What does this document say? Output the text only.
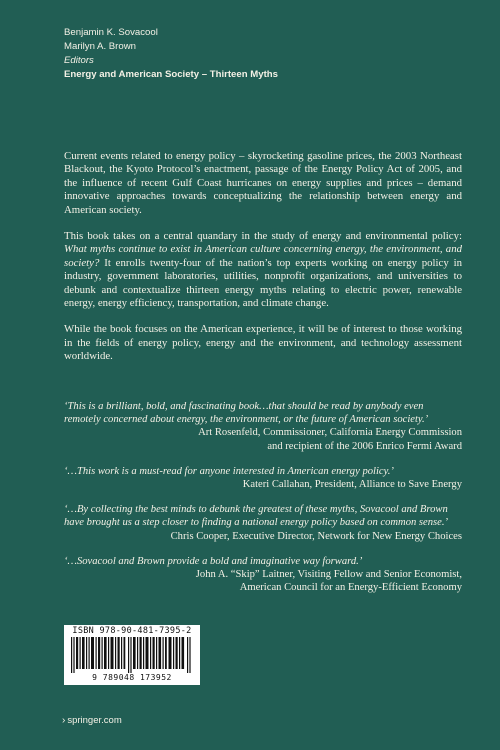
Benjamin K. Sovacool
Marilyn A. Brown
Editors
Energy and American Society – Thirteen Myths

Current events related to energy policy – skyrocketing gasoline prices, the 2003 Northeast Blackout, the Kyoto Protocol’s enactment, passage of the Energy Policy Act of 2005, and the influence of recent Gulf Coast hurricanes on energy supplies and prices – demand innovative approaches towards conceptualizing the relationship between energy and American society.

This book takes on a central quandary in the study of energy and environmental policy: What myths continue to exist in American culture concerning energy, the environment, and society? It enrolls twenty-four of the nation’s top experts working on energy policy in industry, government laboratories, utilities, nonprofit organizations, and universities to debunk and contextualize thirteen energy myths relating to electric power, renewable energy, energy efficiency, transportation, and climate change.

While the book focuses on the American experience, it will be of interest to those working in the fields of energy policy, energy and the environment, and technology assessment worldwide.

‘This is a brilliant, bold, and fascinating book…that should be read by anybody even remotely concerned about energy, the environment, or the future of American society.’
Art Rosenfeld, Commissioner, California Energy Commission
and recipient of the 2006 Enrico Fermi Award
‘…This work is a must-read for anyone interested in American energy policy.’
Kateri Callahan, President, Alliance to Save Energy
‘…By collecting the best minds to debunk the greatest of these myths, Sovacool and Brown have brought us a step closer to finding a national energy policy based on common sense.’
Chris Cooper, Executive Director, Network for New Energy Choices
‘…Sovacool and Brown provide a bold and imaginative way forward.’
John A. “Skip” Laitner, Visiting Fellow and Senior Economist,
American Council for an Energy-Efficient Economy
ISBN 978-90-481-7395-2
9 789048 173952
› springer.com
